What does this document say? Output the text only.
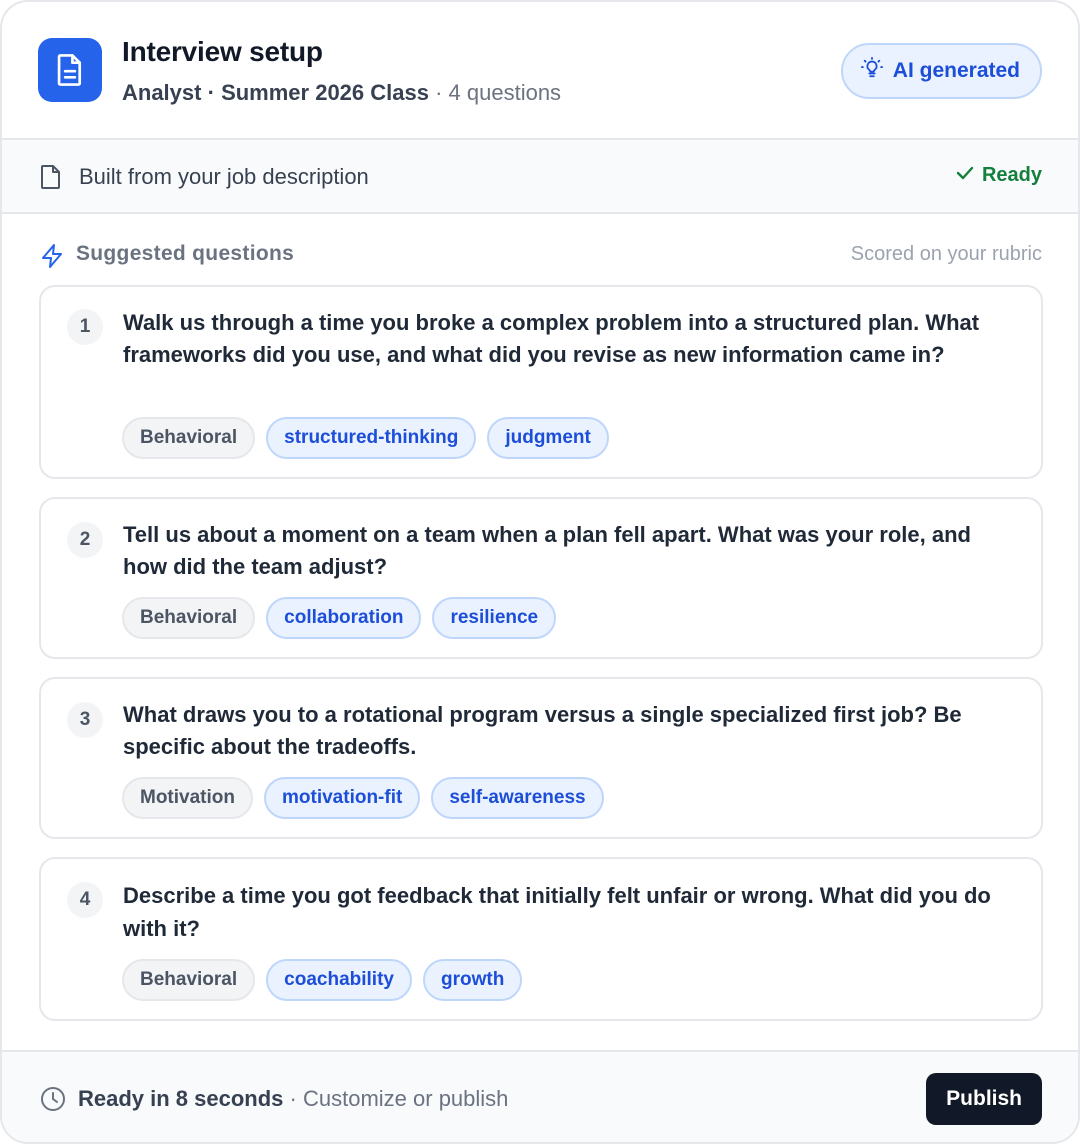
Interview setup
Analyst · Summer 2026 Class · 4 questions
AI generated
Built from your job description	Ready
Suggested questions	Scored on your rubric
1	Walk us through a time you broke a complex problem into a structured plan. What frameworks did you use, and what did you revise as new information came in?
Behavioral	structured-thinking	judgment
2	Tell us about a moment on a team when a plan fell apart. What was your role, and how did the team adjust?
Behavioral	collaboration	resilience
3	What draws you to a rotational program versus a single specialized first job? Be specific about the tradeoffs.
Motivation	motivation-fit	self-awareness
4	Describe a time you got feedback that initially felt unfair or wrong. What did you do with it?
Behavioral	coachability	growth
Ready in 8 seconds · Customize or publish	Publish
